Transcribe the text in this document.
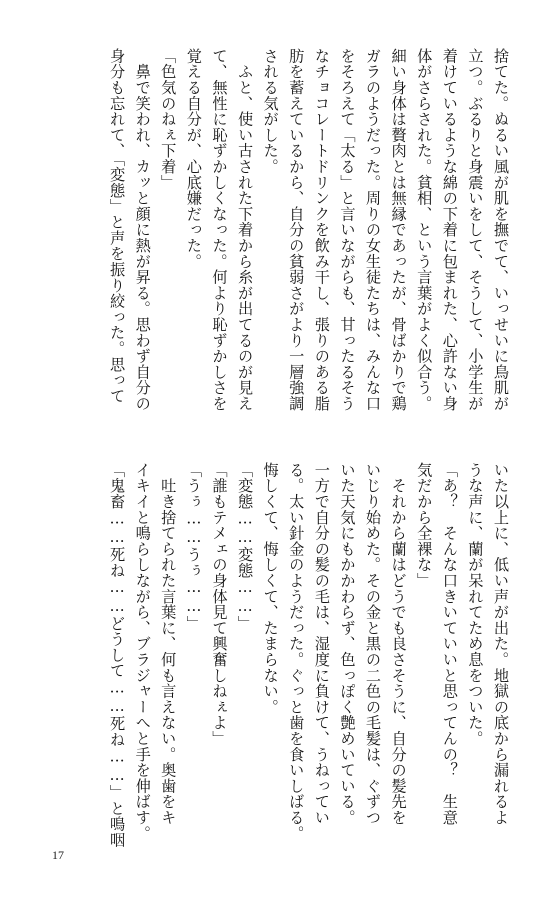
捨てた。ぬるい風が肌を撫でて、いっせいに鳥肌が
立つ。ぶるりと身震いをして、そうして、小学生が
着けているような綿の下着に包まれた、心許ない身
体がさらされた。貧相、という言葉がよく似合う。
細い身体は贅肉とは無縁であったが、骨ばかりで鶏
ガラのようだった。周りの女生徒たちは、みんな口
をそろえて「太る」と言いながらも、甘ったるそう
なチョコレートドリンクを飲み干し、張りのある脂
肪を蓄えているから、自分の貧弱さがより一層強調
される気がした。
　ふと、使い古された下着から糸が出てるのが見え
て、無性に恥ずかしくなった。何より恥ずかしさを
覚える自分が、心底嫌だった。
「色気のねぇ下着」
　鼻で笑われ、カッと顔に熱が昇る。思わず自分の
身分も忘れて、「変態」と声を振り絞った。思って
いた以上に、低い声が出た。地獄の底から漏れるよ
うな声に、蘭が呆れてため息をついた。
「あ？　そんな口きいていいと思ってんの？　生意
気だから全裸な」
　それから蘭はどうでも良さそうに、自分の髪先を
いじり始めた。その金と黒の二色の毛髪は、ぐずつ
いた天気にもかかわらず、色っぽく艶めいている。
一方で自分の髪の毛は、湿度に負けて、うねってい
る。太い針金のようだった。ぐっと歯を食いしばる。
悔しくて、悔しくて、たまらない。
「変態……変態……」
「誰もテメェの身体見て興奮しねぇよ」
「うぅ……うぅ……」
　吐き捨てられた言葉に、何も言えない。奥歯をキ
イキイと鳴らしながら、ブラジャーへと手を伸ばす。
「鬼畜……死ね……どうして……死ね……」と鳴咽
17
